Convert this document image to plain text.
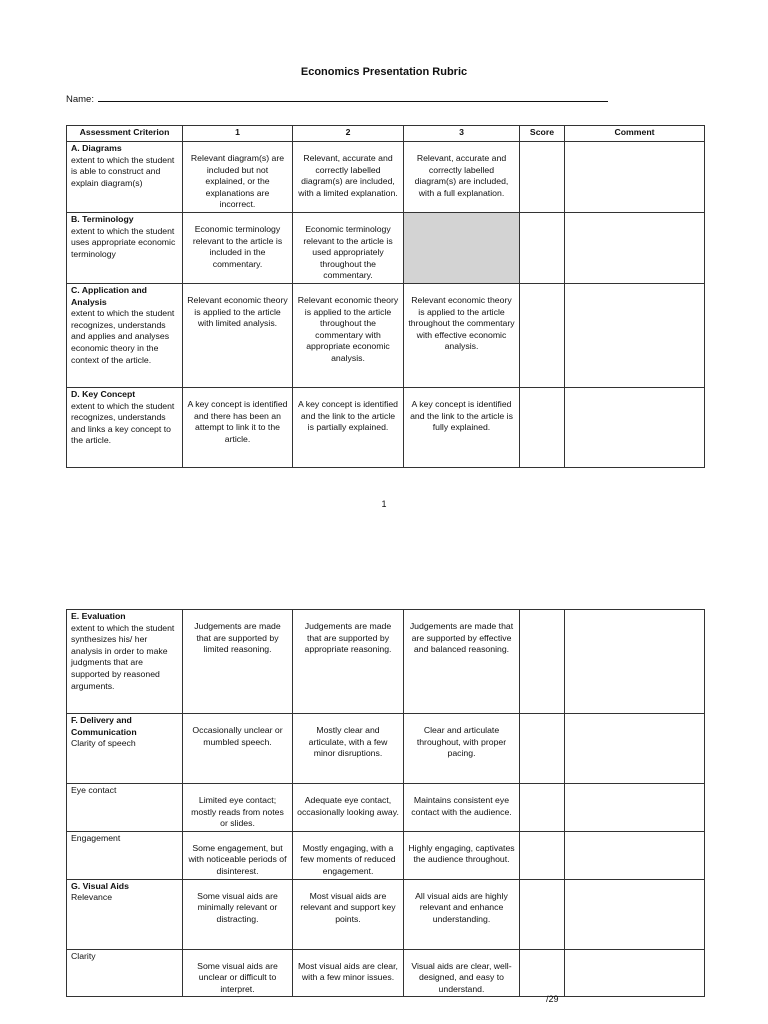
Economics Presentation Rubric
Name:
Assessment Criterion	1	2	3	Score	Comment

A. Diagrams
extent to which the student is able to construct and explain diagram(s)	Relevant diagram(s) are included but not explained, or the explanations are incorrect.	Relevant, accurate and correctly labelled diagram(s) are included, with a limited explanation.	Relevant, accurate and correctly labelled diagram(s) are included, with a full explanation.		

B. Terminology
extent to which the student uses appropriate economic terminology	Economic terminology relevant to the article is included in the commentary.	Economic terminology relevant to the article is used appropriately throughout the commentary.			

C. Application and Analysis
extent to which the student recognizes, understands and applies and analyses economic theory in the context of the article.	Relevant economic theory is applied to the article with limited analysis.	Relevant economic theory is applied to the article throughout the commentary with appropriate economic analysis.	Relevant economic theory is applied to the article throughout the commentary with effective economic analysis.		

D. Key Concept
extent to which the student recognizes, understands and links a key concept to the article.	A key concept is identified and there has been an attempt to link it to the article.	A key concept is identified and the link to the article is partially explained.	A key concept is identified and the link to the article is fully explained.		

1
E. Evaluation
extent to which the student synthesizes his/ her analysis in order to make judgments that are supported by reasoned arguments.	Judgements are made that are supported by limited reasoning.	Judgements are made that are supported by appropriate reasoning.	Judgements are made that are supported by effective and balanced reasoning.		

F. Delivery and Communication
Clarity of speech	Occasionally unclear or mumbled speech.	Mostly clear and articulate, with a few minor disruptions.	Clear and articulate throughout, with proper pacing.		

Eye contact	Limited eye contact; mostly reads from notes or slides.	Adequate eye contact, occasionally looking away.	Maintains consistent eye contact with the audience.		

Engagement	Some engagement, but with noticeable periods of disinterest.	Mostly engaging, with a few moments of reduced engagement.	Highly engaging, captivates the audience throughout.		

G. Visual Aids
Relevance	Some visual aids are minimally relevant or distracting.	Most visual aids are relevant and support key points.	All visual aids are highly relevant and enhance understanding.		

Clarity	Some visual aids are unclear or difficult to interpret.	Most visual aids are clear, with a few minor issues.	Visual aids are clear, well-designed, and easy to understand.		

/29
